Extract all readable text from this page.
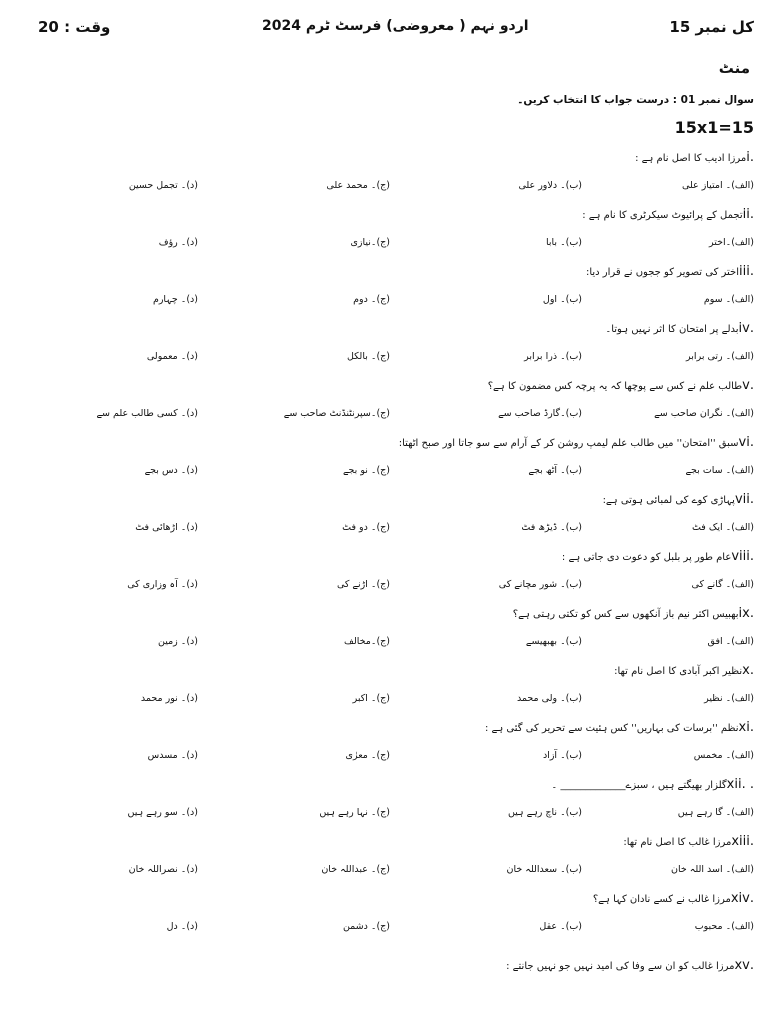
کل نمبر 15
اردو نہم ( معروضی) فرسٹ ٹرم 2024
وقت : 20
منٹ
سوال نمبر 01 : درست جواب کا انتخاب کریں۔
15x1=15
.iمرزا ادیب کا اصل نام ہے :
(الف)۔ امتیاز علی
(ب)۔ دلاور علی
(ج)۔ محمد علی
(د)۔ تجمل حسین
.iiتجمل کے پرائیوٹ سیکرٹری کا نام ہے :
(الف)۔اختر
(ب)۔ بابا
(ج)۔نیازی
(د)۔ رؤف
.iiiاختر کی تصویر کو ججوں نے قرار دیا:
(الف)۔ سوم
(ب)۔ اول
(ج)۔ دوم
(د)۔ چہارم
.ivبدلے پر امتحان کا اثر نہیں ہوتا۔
(الف)۔ رتی برابر
(ب)۔ ذرا برابر
(ج)۔ بالکل
(د)۔ معمولی
.vطالب علم نے کس سے پوچھا کہ یہ پرچہ کس مضمون کا ہے؟
(الف)۔ نگران صاحب سے
(ب)۔گارڈ صاحب سے
(ج)۔سپرنٹنڈنٹ صاحب سے
(د)۔ کسی طالب علم سے
.viسبق ''امتحان'' میں طالب علم لیمپ روشن کر کے آرام سے سو جاتا اور صبح اٹھتا:
(الف)۔ سات بجے
(ب)۔ آٹھ بجے
(ج)۔ نو بجے
(د)۔ دس بجے
.viiپہاڑی کوے کی لمبائی ہوتی ہے:
(الف)۔ ایک فٹ
(ب)۔ ڈیڑھ فٹ
(ج)۔ دو فٹ
(د)۔ اڑھائی فٹ
.viiiعام طور پر بلبل کو دعوت دی جاتی ہے :
(الف)۔ گانے کی
(ب)۔ شور مچانے کی
(ج)۔ اڑنے کی
(د)۔ آہ وزاری کی
.ixبھبیس اکثر نیم باز آنکھوں سے کس کو تکتی رہتی ہے؟
(الف)۔ افق
(ب)۔ بھبھیسے
(ج)۔مخالف
(د)۔ زمین
.xنظیر اکبر آبادی کا اصل نام تھا:
(الف)۔ نظیر
(ب)۔ ولی محمد
(ج)۔ اکبر
(د)۔ نور محمد
.xiنظم ''برسات کی بہاریں'' کس ہئیت سے تحریر کی گئی ہے :
(الف)۔ مخمس
(ب)۔ آزاد
(ج)۔ معرٰی
(د)۔ مسدس
. .xiiگلزار بھیگتے ہیں ، سبزے_____________ ۔
(الف)۔ گا رہے ہیں
(ب)۔ ناچ رہے ہیں
(ج)۔ نہا رہے ہیں
(د)۔ سو رہے ہیں
.xiiiمرزا غالب کا اصل نام تھا:
(الف)۔ اسد اللہ خان
(ب)۔ سعداللہ خان
(ج)۔ عبداللہ خان
(د)۔ نصراللہ خان
.xivمرزا غالب نے کسے نادان کہا ہے؟
(الف)۔ محبوب
(ب)۔ عقل
(ج)۔ دشمن
(د)۔ دل
.xvمرزا غالب کو ان سے وفا کی امید نہیں جو نہیں جانتے :
